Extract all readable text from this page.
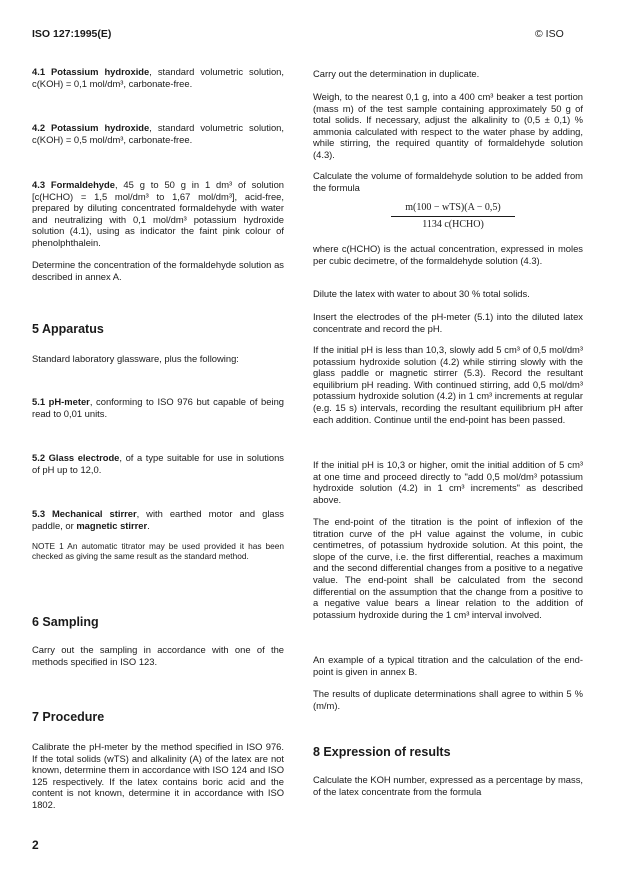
ISO 127:1995(E)	© ISO

4.1 Potassium hydroxide, standard volumetric solution, c(KOH) = 0,1 mol/dm³, carbonate-free.

4.2 Potassium hydroxide, standard volumetric solution, c(KOH) = 0,5 mol/dm³, carbonate-free.

4.3 Formaldehyde, 45 g to 50 g in 1 dm³ of solution [c(HCHO) = 1,5 mol/dm³ to 1,67 mol/dm³], acid-free, prepared by diluting concentrated formaldehyde with water and neutralizing with 0,1 mol/dm³ potassium hydroxide solution (4.1), using as indicator the faint pink colour of phenolphthalein.

Determine the concentration of the formaldehyde solution as described in annex A.

5 Apparatus

Standard laboratory glassware, plus the following:

5.1 pH-meter, conforming to ISO 976 but capable of being read to 0,01 units.

5.2 Glass electrode, of a type suitable for use in solutions of pH up to 12,0.

5.3 Mechanical stirrer, with earthed motor and glass paddle, or magnetic stirrer.

NOTE 1 An automatic titrator may be used provided it has been checked as giving the same result as the standard method.

6 Sampling

Carry out the sampling in accordance with one of the methods specified in ISO 123.

7 Procedure

Calibrate the pH-meter by the method specified in ISO 976. If the total solids (wTS) and alkalinity (A) of the latex are not known, determine them in accordance with ISO 124 and ISO 125 respectively. If the latex contains boric acid and the content is not known, determine it in accordance with ISO 1802.

Carry out the determination in duplicate.

Weigh, to the nearest 0,1 g, into a 400 cm³ beaker a test portion (mass m) of the test sample containing approximately 50 g of total solids. If necessary, adjust the alkalinity to (0,5 ± 0,1) % ammonia calculated with respect to the water phase by adding, while stirring, the required quantity of formaldehyde solution (4.3).

Calculate the volume of formaldehyde solution to be added from the formula

m(100 − wTS)(A − 0,5)
1134 c(HCHO)

where c(HCHO) is the actual concentration, expressed in moles per cubic decimetre, of the formaldehyde solution (4.3).

Dilute the latex with water to about 30 % total solids.

Insert the electrodes of the pH-meter (5.1) into the diluted latex concentrate and record the pH.

If the initial pH is less than 10,3, slowly add 5 cm³ of 0,5 mol/dm³ potassium hydroxide solution (4.2) while stirring slowly with the glass paddle or magnetic stirrer (5.3). Record the resultant equilibrium pH reading. With continued stirring, add 0,5 mol/dm³ potassium hydroxide solution (4.2) in 1 cm³ increments at regular (e.g. 15 s) intervals, recording the resultant equilibrium pH after each addition. Continue until the end-point has been passed.

If the initial pH is 10,3 or higher, omit the initial addition of 5 cm³ at one time and proceed directly to "add 0,5 mol/dm³ potassium hydroxide solution (4.2) in 1 cm³ increments" as described above.

The end-point of the titration is the point of inflexion of the titration curve of the pH value against the volume, in cubic centimetres, of potassium hydroxide solution. At this point, the slope of the curve, i.e. the first differential, reaches a maximum and the second differential changes from a positive to a negative value. The end-point shall be calculated from the second differential on the assumption that the change from a positive to a negative value bears a linear relation to the addition of potassium hydroxide during the 1 cm³ interval involved.

An example of a typical titration and the calculation of the end-point is given in annex B.

The results of duplicate determinations shall agree to within 5 % (m/m).

8 Expression of results

Calculate the KOH number, expressed as a percentage by mass, of the latex concentrate from the formula

2
